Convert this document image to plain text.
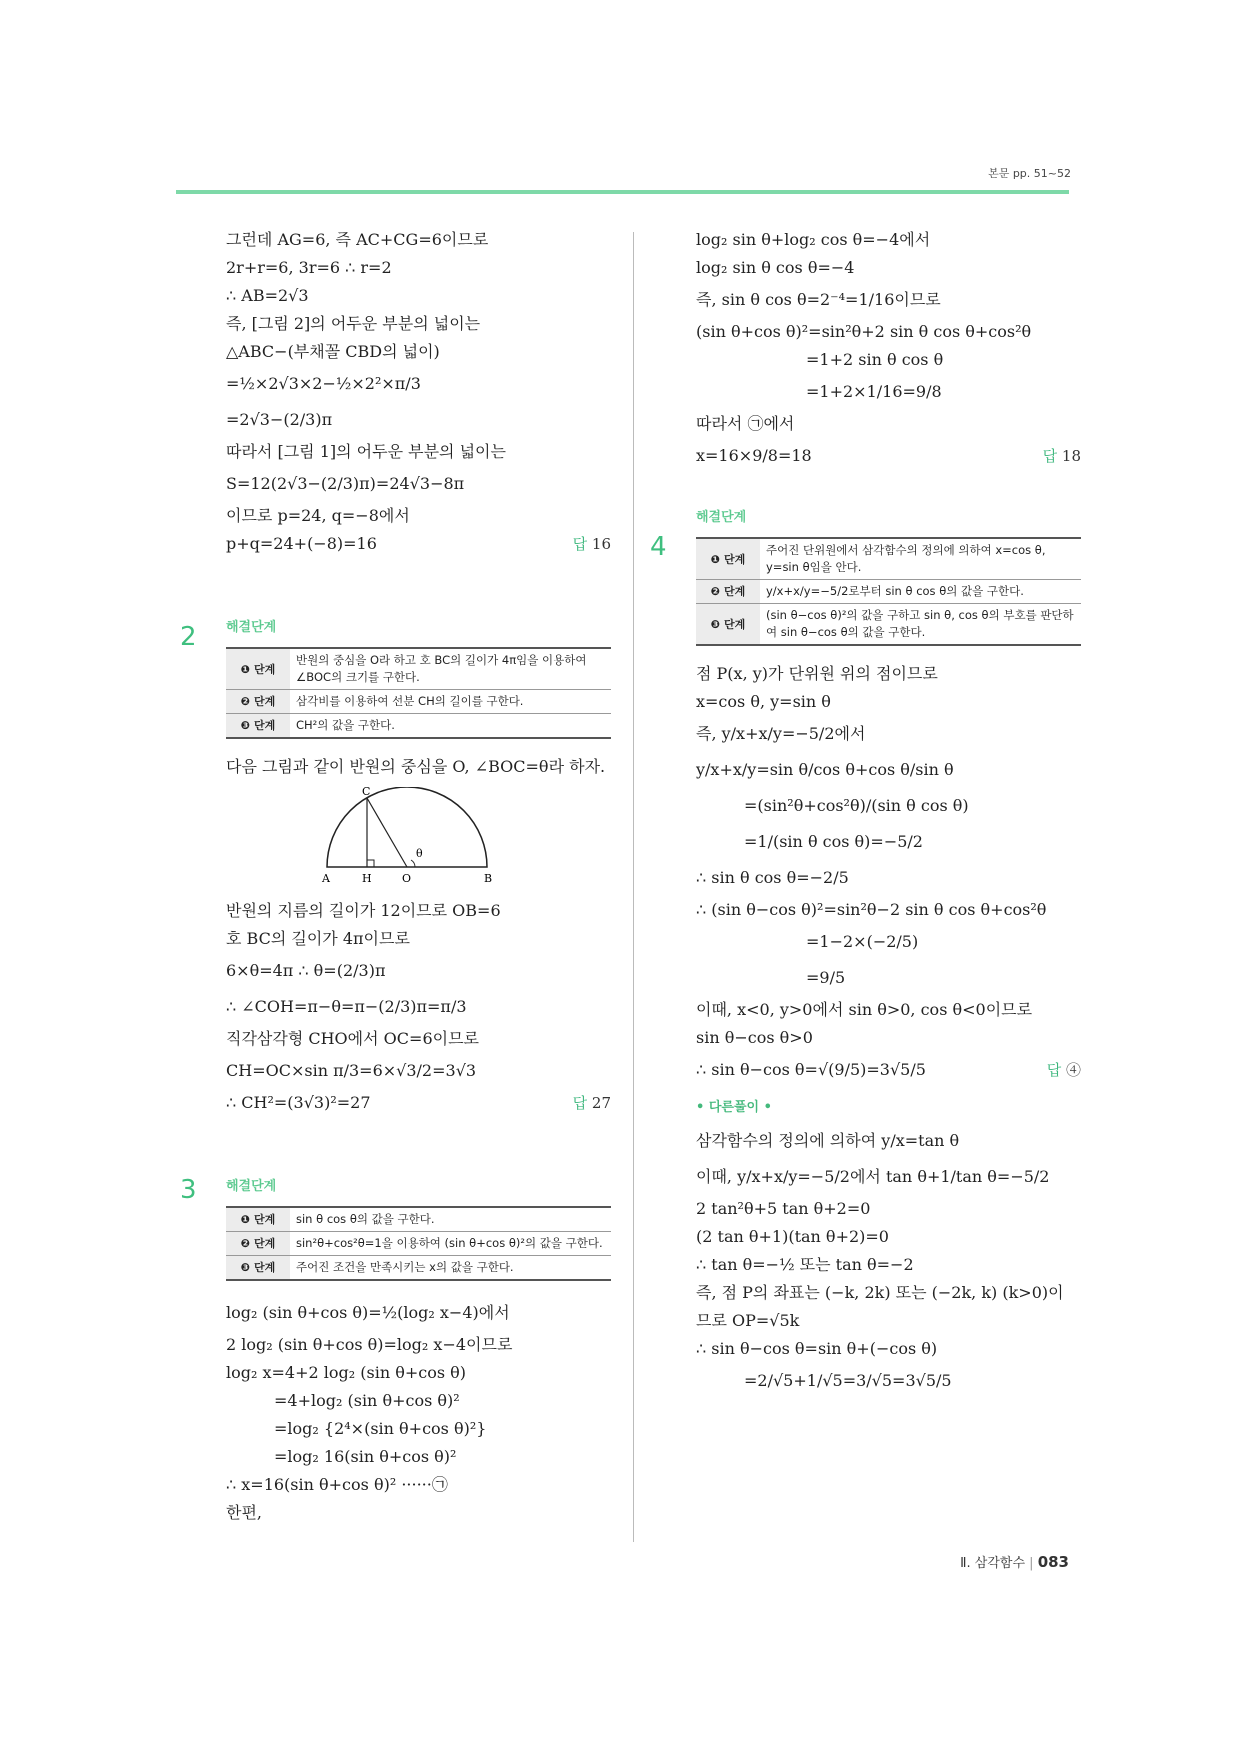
본문 pp. 51~52
그런데 AG=6, 즉 AC+CG=6이므로
2r+r=6, 3r=6 ∴ r=2
∴ AB=2√3
즉, [그림 2]의 어두운 부분의 넓이는
△ABC−(부채꼴 CBD의 넓이)
=½×2√3×2−½×2²×π/3
=2√3−(2/3)π
따라서 [그림 1]의 어두운 부분의 넓이는
S=12(2√3−(2/3)π)=24√3−8π
이므로 p=24, q=−8에서
p+q=24+(−8)=16	답 16
해결단계
❶ 단계	반원의 중심을 O라 하고 호 BC의 길이가 4π임을 이용하여 ∠BOC의 크기를 구한다.
❷ 단계	삼각비를 이용하여 선분 CH의 길이를 구한다.
❸ 단계	CH²의 값을 구한다.
다음 그림과 같이 반원의 중심을 O, ∠BOC=θ라 하자.
C
A	H	O	B
θ
반원의 지름의 길이가 12이므로 OB=6
호 BC의 길이가 4π이므로
6×θ=4π ∴ θ=(2/3)π
∴ ∠COH=π−θ=π−(2/3)π=π/3
직각삼각형 CHO에서 OC=6이므로
CH=OC×sin π/3=6×√3/2=3√3
∴ CH²=(3√3)²=27	답 27
해결단계
❶ 단계	sin θ cos θ의 값을 구한다.
❷ 단계	sin²θ+cos²θ=1을 이용하여 (sin θ+cos θ)²의 값을 구한다.
❸ 단계	주어진 조건을 만족시키는 x의 값을 구한다.
log₂ (sin θ+cos θ)=½(log₂ x−4)에서
2 log₂ (sin θ+cos θ)=log₂ x−4이므로
log₂ x=4+2 log₂ (sin θ+cos θ)
=4+log₂ (sin θ+cos θ)²
=log₂ {2⁴×(sin θ+cos θ)²}
=log₂ 16(sin θ+cos θ)²
∴ x=16(sin θ+cos θ)² ······㉠
한편,
2
3
4
log₂ sin θ+log₂ cos θ=−4에서
log₂ sin θ cos θ=−4
즉, sin θ cos θ=2⁻⁴=1/16이므로
(sin θ+cos θ)²=sin²θ+2 sin θ cos θ+cos²θ
=1+2 sin θ cos θ
=1+2×1/16=9/8
따라서 ㉠에서
x=16×9/8=18	답 18
해결단계
❶ 단계	주어진 단위원에서 삼각함수의 정의에 의하여 x=cos θ, y=sin θ임을 안다.
❷ 단계	y/x+x/y=−5/2로부터 sin θ cos θ의 값을 구한다.
❸ 단계	(sin θ−cos θ)²의 값을 구하고 sin θ, cos θ의 부호를 판단하여 sin θ−cos θ의 값을 구한다.
점 P(x, y)가 단위원 위의 점이므로
x=cos θ, y=sin θ
즉, y/x+x/y=−5/2에서
y/x+x/y=sin θ/cos θ+cos θ/sin θ
=(sin²θ+cos²θ)/(sin θ cos θ)
=1/(sin θ cos θ)=−5/2
∴ sin θ cos θ=−2/5
∴ (sin θ−cos θ)²=sin²θ−2 sin θ cos θ+cos²θ
=1−2×(−2/5)
=9/5
이때, x<0, y>0에서 sin θ>0, cos θ<0이므로
sin θ−cos θ>0
∴ sin θ−cos θ=√(9/5)=3√5/5	답 ④
• 다른풀이 •
삼각함수의 정의에 의하여 y/x=tan θ
이때, y/x+x/y=−5/2에서 tan θ+1/tan θ=−5/2
2 tan²θ+5 tan θ+2=0
(2 tan θ+1)(tan θ+2)=0
∴ tan θ=−½ 또는 tan θ=−2
즉, 점 P의 좌표는 (−k, 2k) 또는 (−2k, k) (k>0)이
므로 OP=√5k
∴ sin θ−cos θ=sin θ+(−cos θ)
=2/√5+1/√5=3/√5=3√5/5
Ⅱ. 삼각함수 | 083
